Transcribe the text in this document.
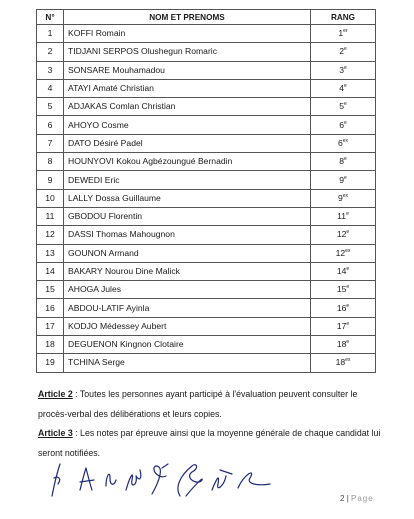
N°	NOM ET PRENOMS	RANG
1	KOFFI Romain	1er
2	TIDJANI SERPOS Olushegun Romaric	2e
3	SONSARE Mouhamadou	3e
4	ATAYI Amaté Christian	4e
5	ADJAKAS Comlan Christian	5e
6	AHOYO Cosme	6e
7	DATO Désiré Padel	$6^{ex}$
8	HOUNYOVI Kokou Agbézoungué Bernadin	8e
9	DEWEDI Eric	9e
10	LALLY Dossa Guillaume	$9^{ex}$
11	GBODOU Florentin	11e
12	DASSI Thomas Mahougnon	12e
13	GOUNON Armand	$12^{ex}$
14	BAKARY Nourou Dine Malick	14e
15	AHOGA Jules	15e
16	ABDOU-LATIF Ayinla	16e
17	KODJO Médessey Aubert	17e
18	DEGUENON Kingnon Clotaire	18e
19	TCHINA Serge	$18^{ex}$

Article 2 : Toutes les personnes ayant participé à l'évaluation peuvent consulter le procès-verbal des délibérations et leurs copies.

Article 3 : Les notes par épreuve ainsi que la moyenne générale de chaque candidat lui seront notifiées.

2 | Page
